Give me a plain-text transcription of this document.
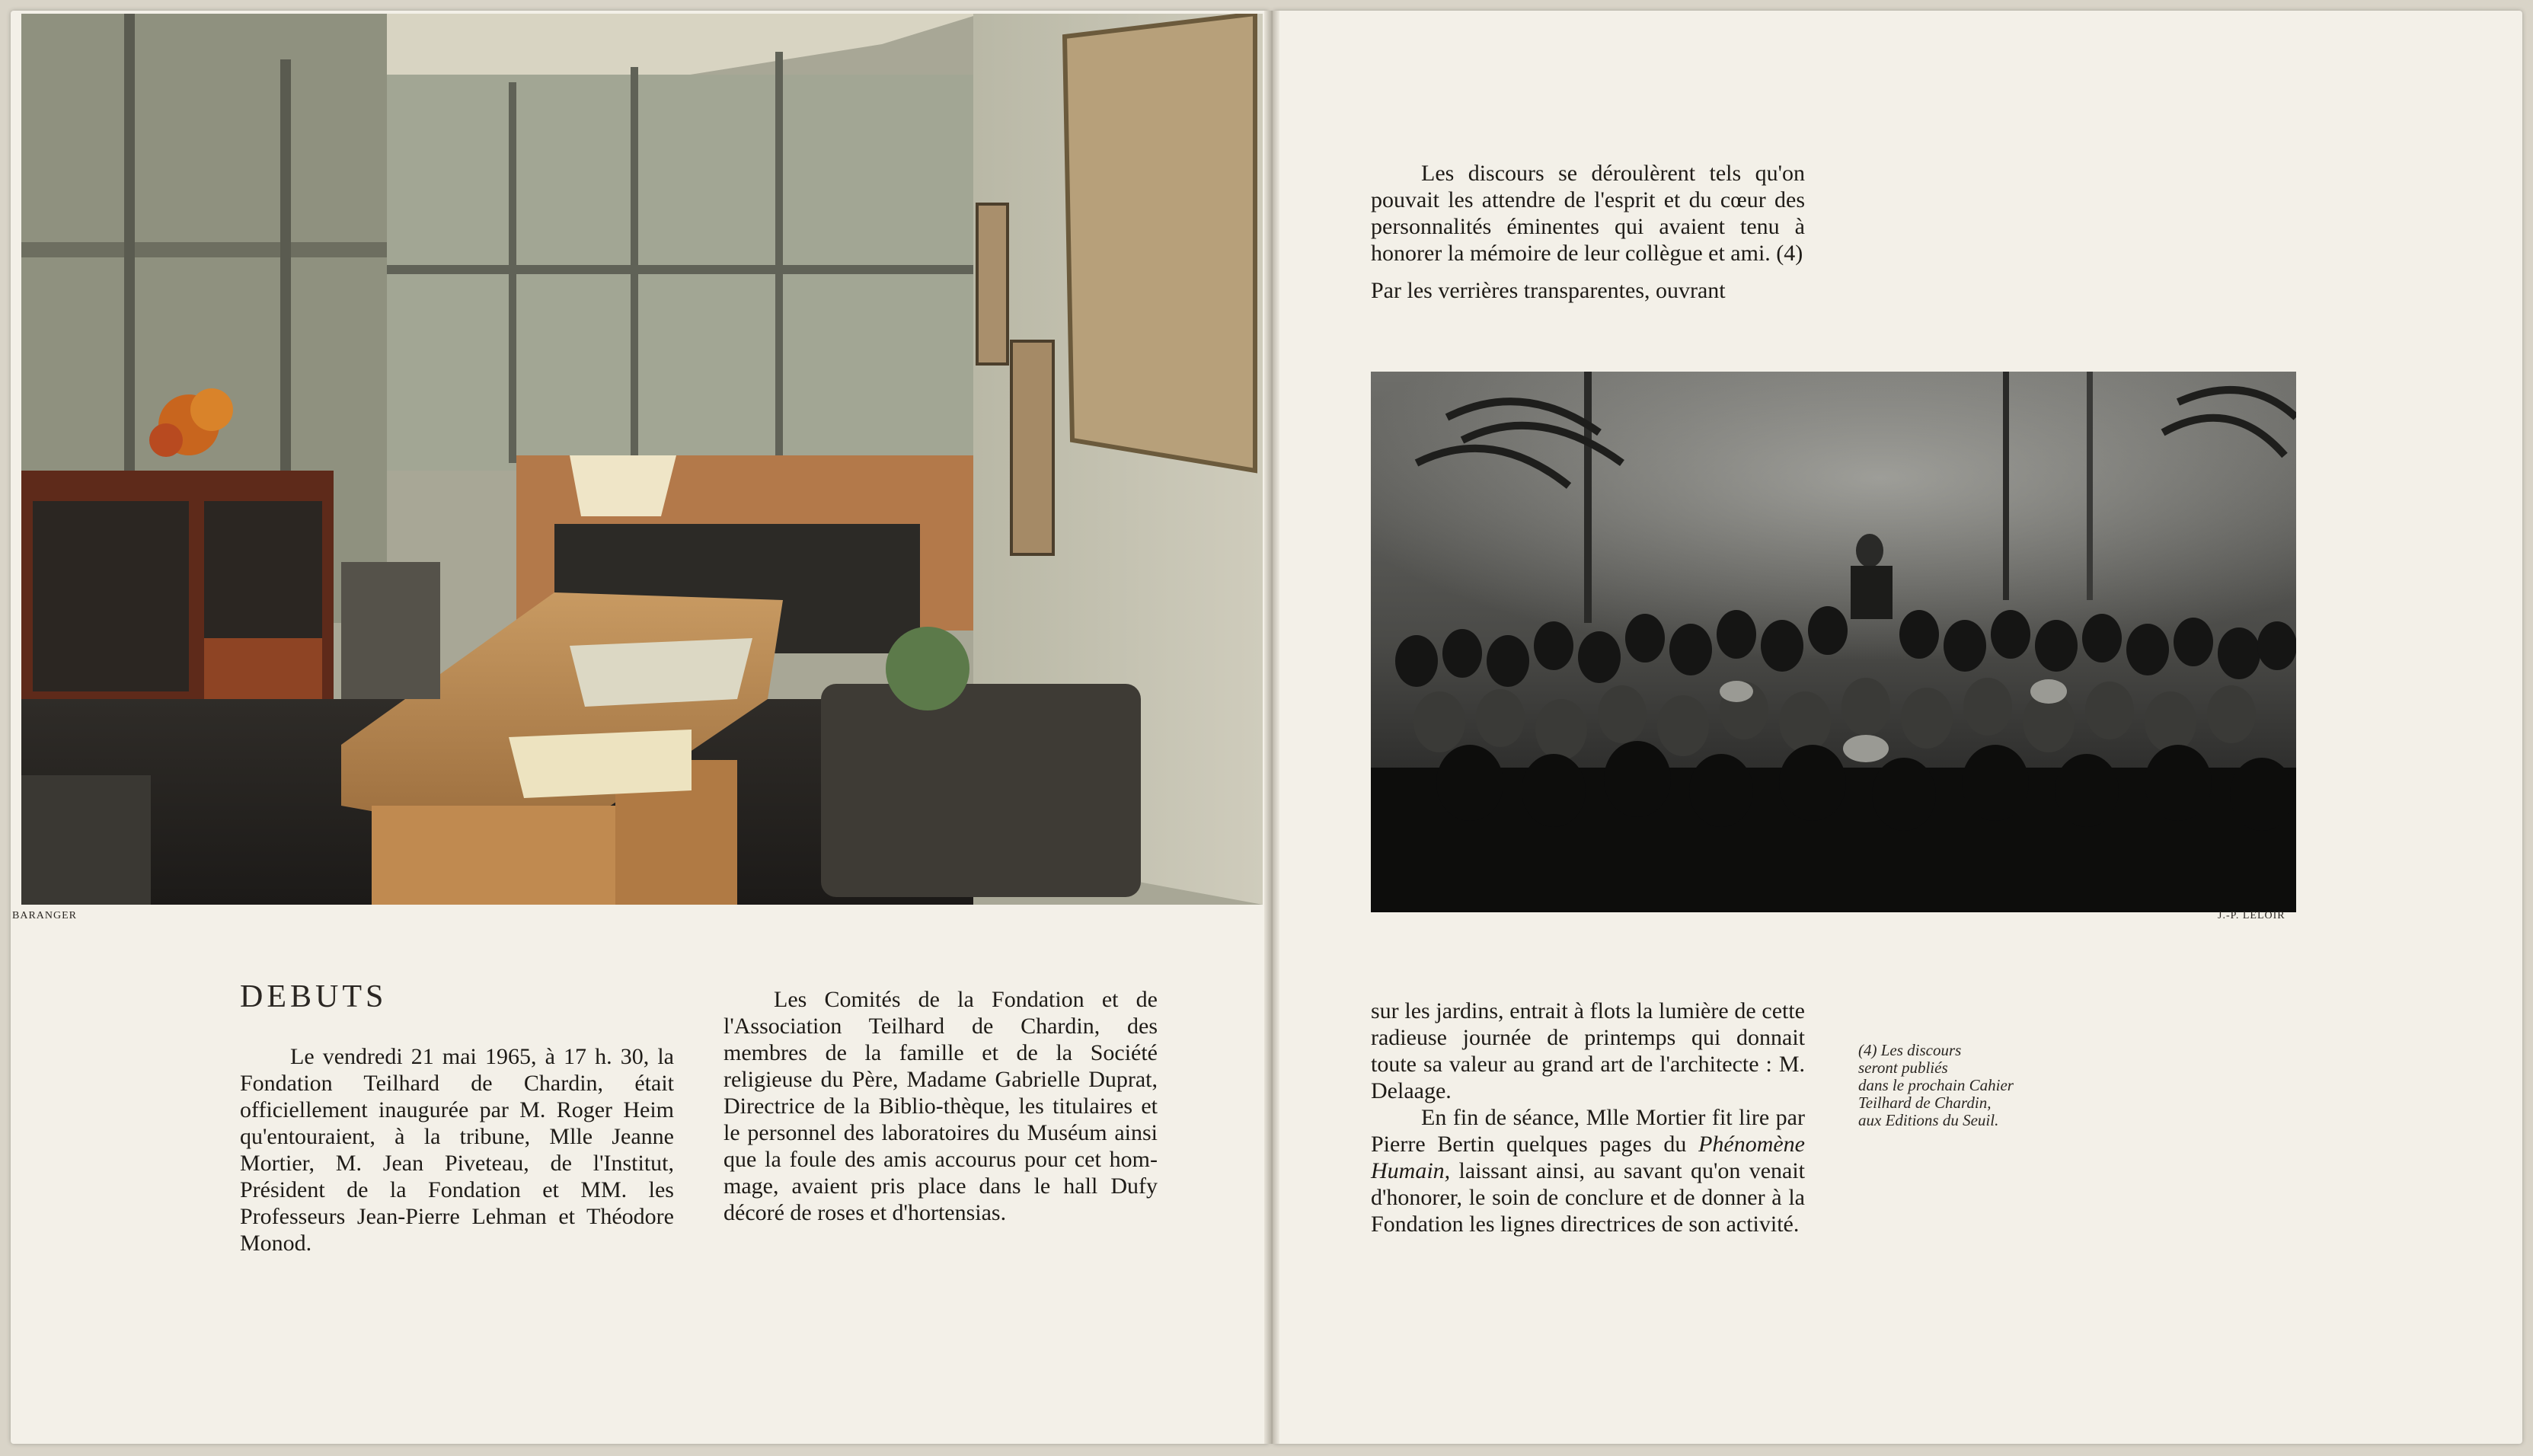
BARANGER
DEBUTS

Le vendredi 21 mai 1965, à 17 h. 30, la Fondation Teilhard de Chardin, était officiellement inaugurée par M. Roger Heim qu'entouraient, à la tribune, Mlle Jeanne Mortier, M. Jean Piveteau, de l'Institut, Président de la Fondation et MM. les Professeurs Jean-Pierre Lehman et Théodore Monod.

Les Comités de la Fondation et de l'Association Teilhard de Chardin, des membres de la famille et de la Société religieuse du Père, Madame Gabrielle Duprat, Directrice de la Biblio-thèque, les titulaires et le personnel des laboratoires du Muséum ainsi que la foule des amis accourus pour cet hom-mage, avaient pris place dans le hall Dufy décoré de roses et d'hortensias.

Les discours se déroulèrent tels qu'on pouvait les attendre de l'esprit et du cœur des personnalités éminentes qui avaient tenu à honorer la mémoire de leur collègue et ami. (4)

Par les verrières transparentes, ouvrant

J.-P. LELOIR

sur les jardins, entrait à flots la lumière de cette radieuse journée de printemps qui donnait toute sa valeur au grand art de l'architecte : M. Delaage.

En fin de séance, Mlle Mortier fit lire par Pierre Bertin quelques pages du Phénomène Humain, laissant ainsi, au savant qu'on venait d'honorer, le soin de conclure et de donner à la Fondation les lignes directrices de son activité.

(4) Les discours
seront publiés
dans le prochain Cahier
Teilhard de Chardin,
aux Editions du Seuil.
